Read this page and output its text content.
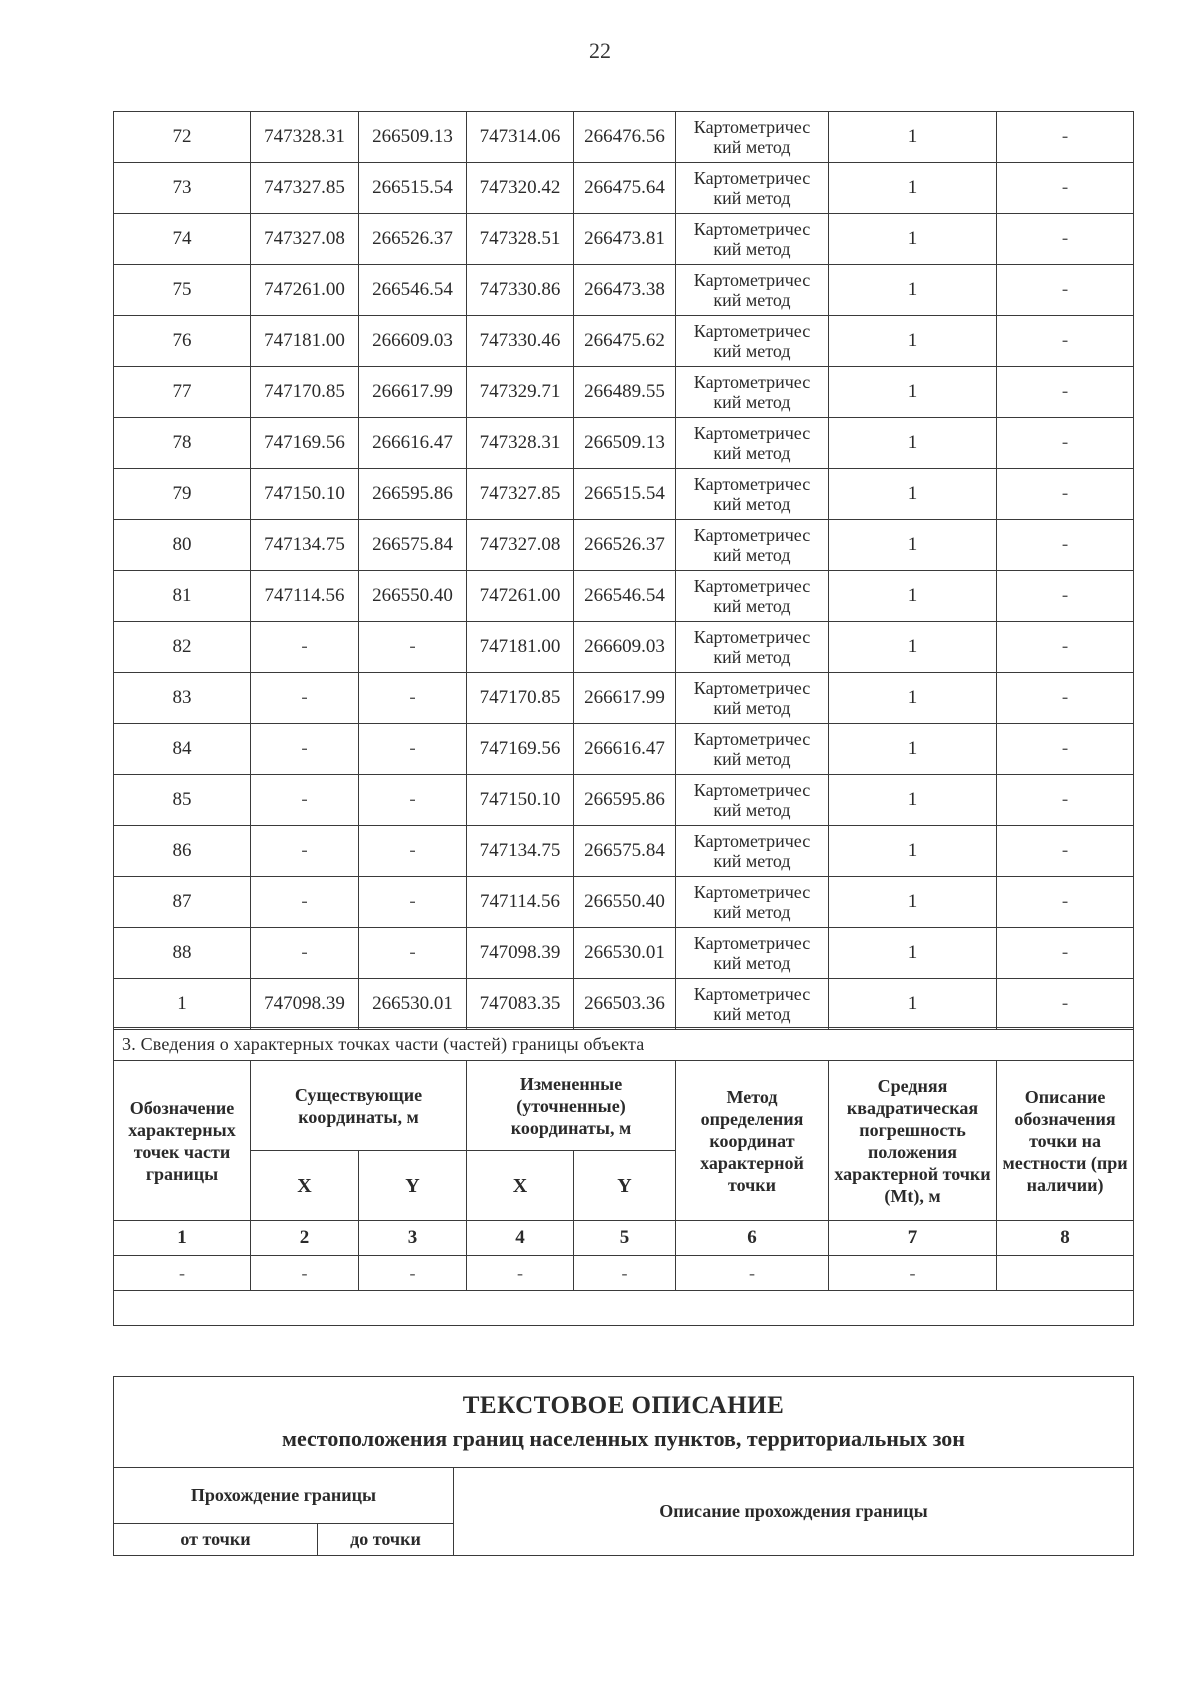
22
72	747328.31	266509.13	747314.06	266476.56	Картометричес
кий метод	1	-
73	747327.85	266515.54	747320.42	266475.64	Картометричес
кий метод	1	-
74	747327.08	266526.37	747328.51	266473.81	Картометричес
кий метод	1	-
75	747261.00	266546.54	747330.86	266473.38	Картометричес
кий метод	1	-
76	747181.00	266609.03	747330.46	266475.62	Картометричес
кий метод	1	-
77	747170.85	266617.99	747329.71	266489.55	Картометричес
кий метод	1	-
78	747169.56	266616.47	747328.31	266509.13	Картометричес
кий метод	1	-
79	747150.10	266595.86	747327.85	266515.54	Картометричес
кий метод	1	-
80	747134.75	266575.84	747327.08	266526.37	Картометричес
кий метод	1	-
81	747114.56	266550.40	747261.00	266546.54	Картометричес
кий метод	1	-
82	-	-	747181.00	266609.03	Картометричес
кий метод	1	-
83	-	-	747170.85	266617.99	Картометричес
кий метод	1	-
84	-	-	747169.56	266616.47	Картометричес
кий метод	1	-
85	-	-	747150.10	266595.86	Картометричес
кий метод	1	-
86	-	-	747134.75	266575.84	Картометричес
кий метод	1	-
87	-	-	747114.56	266550.40	Картометричес
кий метод	1	-
88	-	-	747098.39	266530.01	Картометричес
кий метод	1	-
1	747098.39	266530.01	747083.35	266503.36	Картометричес
кий метод	1	-
3. Сведения о характерных точках части (частей) границы объекта							
Обозначение характерных точек части границы	Существующие координаты, м		Измененные (уточненные) координаты, м		Метод определения координат характерной точки	Средняя квадратическая погрешность положения характерной точки (Mt), м	Описание обозначения точки на местности (при наличии)
	X	Y	X	Y			
1	2	3	4	5	6	7	8
-	-	-	-	-	-	-	

ТЕКСТОВОЕ ОПИСАНИЕ
местоположения границ населенных пунктов, территориальных зон		

Прохождение границы		Описание прохождения границы
от точки	до точки	
